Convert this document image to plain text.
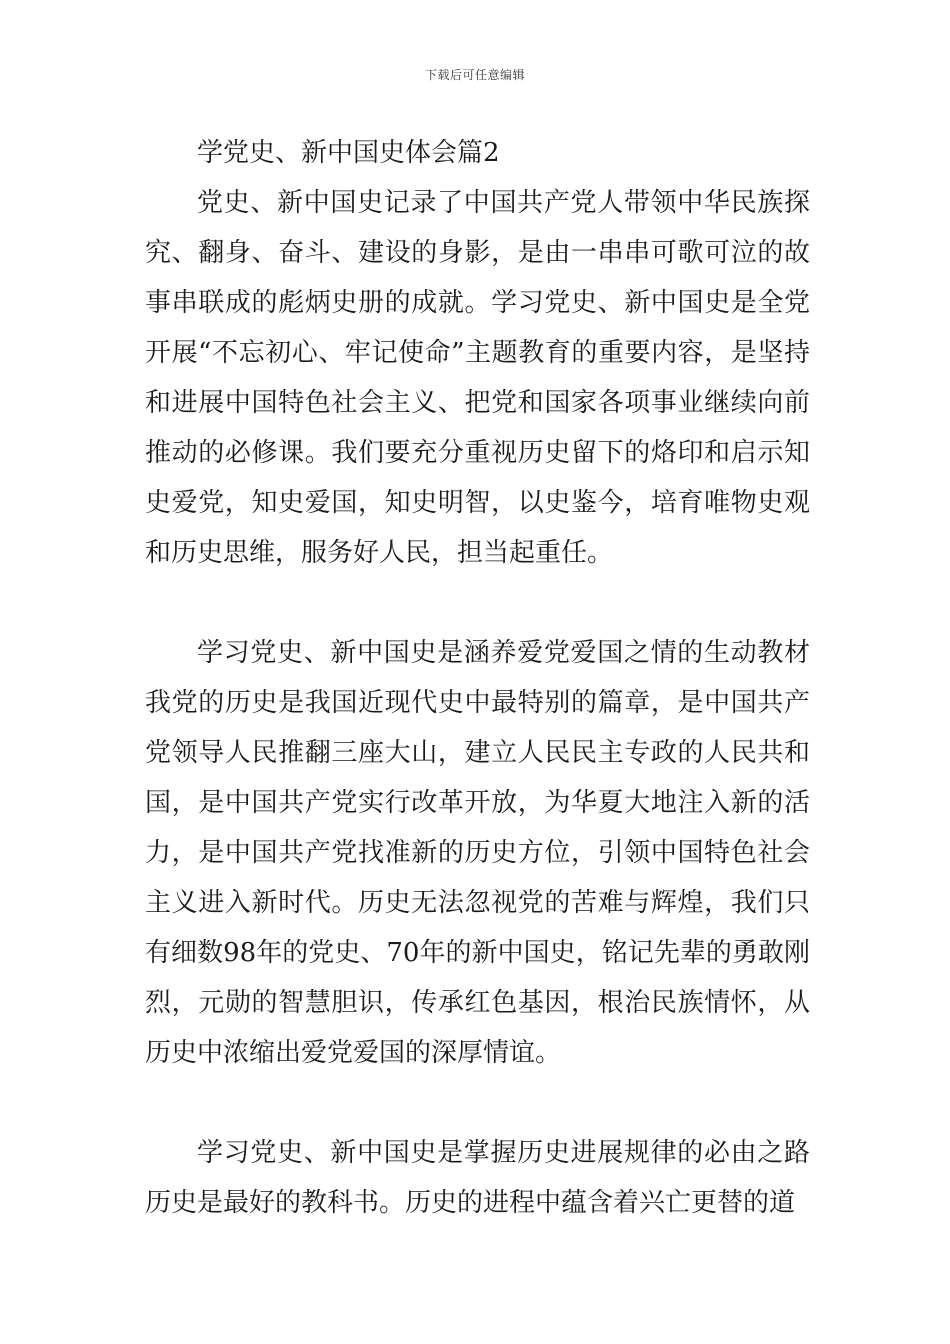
下载后可任意编辑

学党史、新中国史体会篇2

党史、新中国史记录了中国共产党人带领中华民族探究、翻身、奋斗、建设的身影，是由一串串可歌可泣的故事串联成的彪炳史册的成就。学习党史、新中国史是全党开展“不忘初心、牢记使命”主题教育的重要内容，是坚持和进展中国特色社会主义、把党和国家各项事业继续向前推动的必修课。我们要充分重视历史留下的烙印和启示知史爱党，知史爱国，知史明智，以史鉴今，培育唯物史观和历史思维，服务好人民，担当起重任。

学习党史、新中国史是涵养爱党爱国之情的生动教材我党的历史是我国近现代史中最特别的篇章，是中国共产党领导人民推翻三座大山，建立人民民主专政的人民共和国，是中国共产党实行改革开放，为华夏大地注入新的活力，是中国共产党找准新的历史方位，引领中国特色社会主义进入新时代。历史无法忽视党的苦难与辉煌，我们只有细数98年的党史、70年的新中国史，铭记先辈的勇敢刚烈，元勋的智慧胆识，传承红色基因，根治民族情怀，从历史中浓缩出爱党爱国的深厚情谊。

学习党史、新中国史是掌握历史进展规律的必由之路历史是最好的教科书。历史的进程中蕴含着兴亡更替的道
